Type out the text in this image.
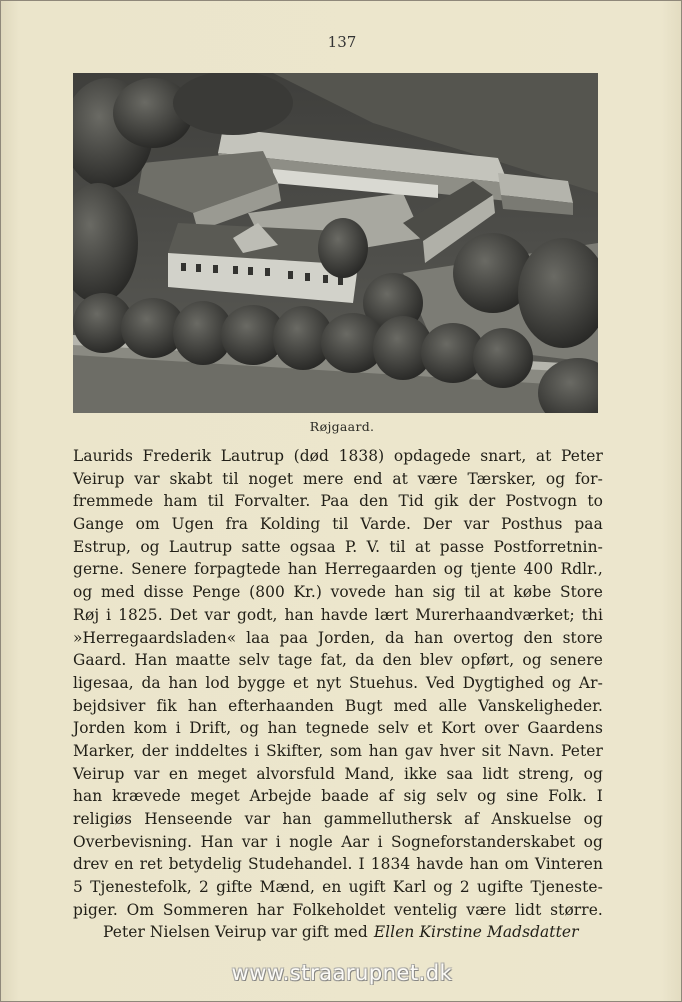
137
Røjgaard.
Laurids Frederik Lautrup (død 1838) opdagede snart, at Peter
Veirup var skabt til noget mere end at være Tærsker, og for-
fremmede ham til Forvalter. Paa den Tid gik der Postvogn to
Gange om Ugen fra Kolding til Varde. Der var Posthus paa
Estrup, og Lautrup satte ogsaa P. V. til at passe Postforretnin-
gerne. Senere forpagtede han Herregaarden og tjente 400 Rdlr.,
og med disse Penge (800 Kr.) vovede han sig til at købe Store
Røj i 1825. Det var godt, han havde lært Murerhaandværket; thi
»Herregaardsladen« laa paa Jorden, da han overtog den store
Gaard. Han maatte selv tage fat, da den blev opført, og senere
ligesaa, da han lod bygge et nyt Stuehus. Ved Dygtighed og Ar-
bejdsiver fik han efterhaanden Bugt med alle Vanskeligheder.
Jorden kom i Drift, og han tegnede selv et Kort over Gaardens
Marker, der inddeltes i Skifter, som han gav hver sit Navn. Peter
Veirup var en meget alvorsfuld Mand, ikke saa lidt streng, og
han krævede meget Arbejde baade af sig selv og sine Folk. I
religiøs Henseende var han gammelluthersk af Anskuelse og
Overbevisning. Han var i nogle Aar i Sogneforstanderskabet og
drev en ret betydelig Studehandel. I 1834 havde han om Vinteren
5 Tjenestefolk, 2 gifte Mænd, en ugift Karl og 2 ugifte Tjeneste-
piger. Om Sommeren har Folkeholdet ventelig være lidt større.
Peter Nielsen Veirup var gift med Ellen Kirstine Madsdatter
www.straarupnet.dk
